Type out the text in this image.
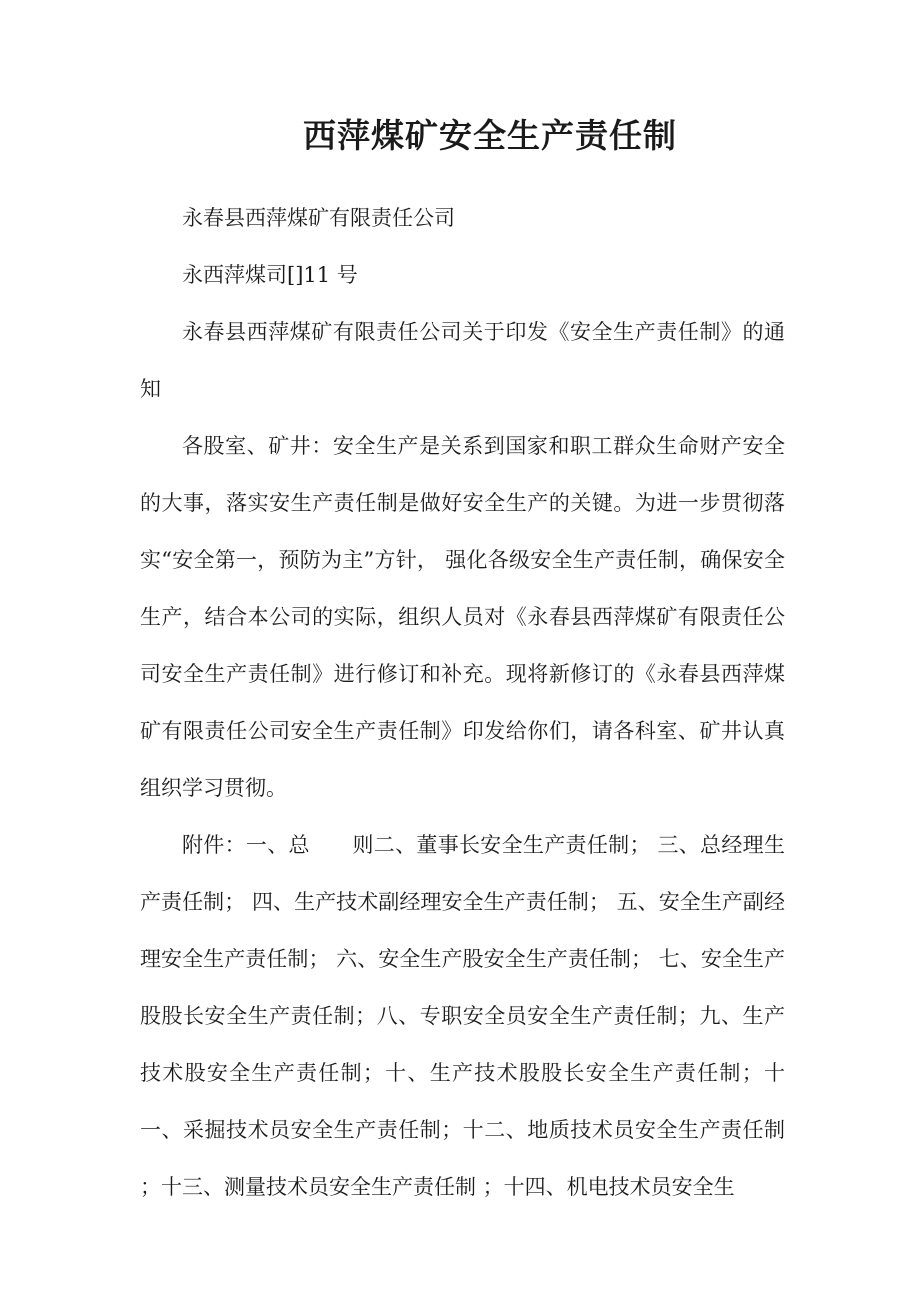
西萍煤矿安全生产责任制

永春县西萍煤矿有限责任公司

永西萍煤司[]11 号

永春县西萍煤矿有限责任公司关于印发《安全生产责任制》的通知

各股室、矿井：安全生产是关系到国家和职工群众生命财产安全的大事，落实安生产责任制是做好安全生产的关键。为进一步贯彻落实“安全第一，预防为主”方针， 强化各级安全生产责任制，确保安全生产，结合本公司的实际，组织人员对《永春县西萍煤矿有限责任公司安全生产责任制》进行修订和补充。现将新修订的《永春县西萍煤矿有限责任公司安全生产责任制》印发给你们，请各科室、矿井认真组织学习贯彻。

附件：一、总　　则二、董事长安全生产责任制； 三、总经理生产责任制； 四、生产技术副经理安全生产责任制； 五、安全生产副经理安全生产责任制； 六、安全生产股安全生产责任制； 七、安全生产股股长安全生产责任制；八、专职安全员安全生产责任制；九、生产技术股安全生产责任制；十、生产技术股股长安全生产责任制；十一、采掘技术员安全生产责任制；十二、地质技术员安全生产责任制 ；十三、测量技术员安全生产责任制 ；十四、机电技术员安全生
